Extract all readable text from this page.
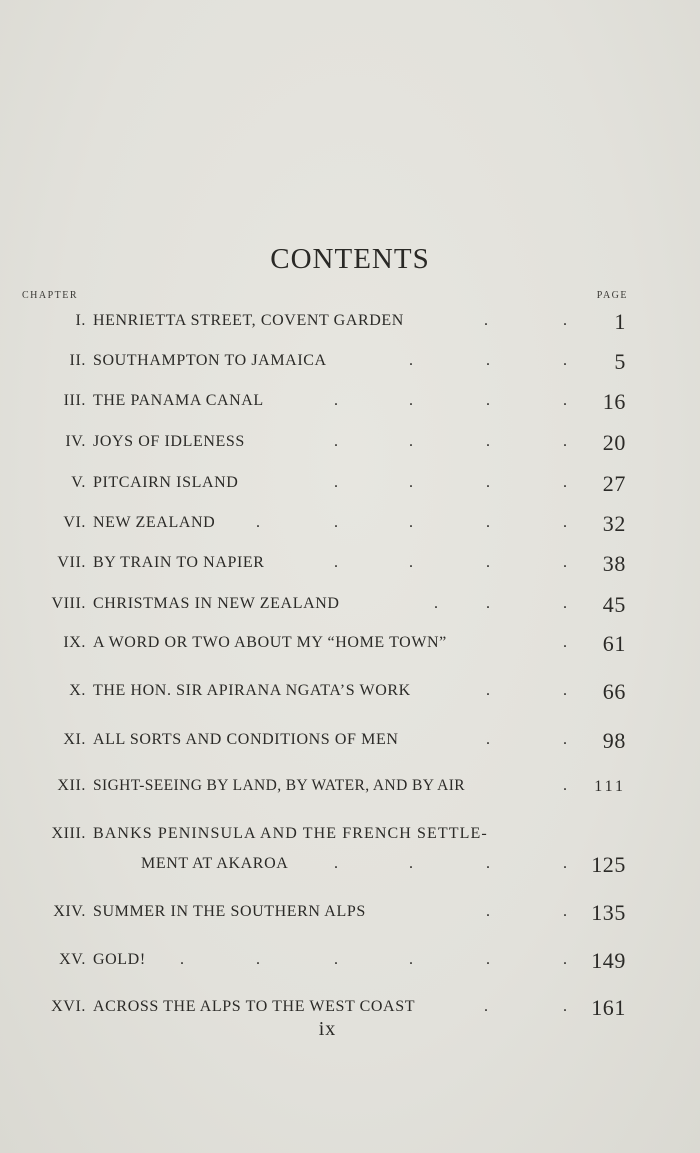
CONTENTS
CHAPTER	PAGE
I. HENRIETTA STREET, COVENT GARDEN	.	. 1
II. SOUTHAMPTON TO JAMAICA	.	.	. 5
III. THE PANAMA CANAL	.	.	.	. 16
IV. JOYS OF IDLENESS	.	.	.	. 20
V. PITCAIRN ISLAND	.	.	.	. 27
VI. NEW ZEALAND	.	.	.	.	. 32
VII. BY TRAIN TO NAPIER	.	.	.	. 38
VIII. CHRISTMAS IN NEW ZEALAND	.	.	. 45
IX. A WORD OR TWO ABOUT MY “HOME TOWN”	. 61
X. THE HON. SIR APIRANA NGATA’S WORK	.	. 66
XI. ALL SORTS AND CONDITIONS OF MEN	.	. 98
XII. SIGHT-SEEING BY LAND, BY WATER, AND BY AIR	. 111
XIII. BANKS PENINSULA AND THE FRENCH SETTLE-
MENT AT AKAROA	.	.	.	. 125
XIV. SUMMER IN THE SOUTHERN ALPS	.	. 135
XV. GOLD! .	.	.	.	.	. 149
XVI. ACROSS THE ALPS TO THE WEST COAST	.	. 161
ix
